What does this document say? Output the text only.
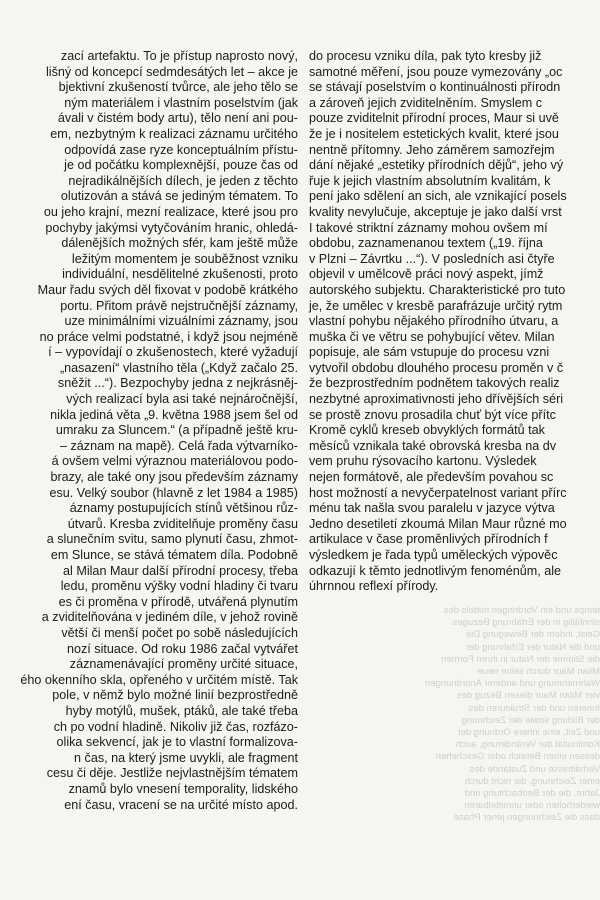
zací artefaktu. To je přístup naprosto nový,
lišný od koncepcí sedmdesátých let – akce je
bjektivní zkušeností tvůrce, ale jeho tělo se
ným materiálem i vlastním poselstvím (jak
ávali v čistém body artu), tělo není ani pou-
em, nezbytným k realizaci záznamu určitého
odpovídá zase ryze konceptuálním přístu-
je od počátku komplexnější, pouze čas od
nejradikálnějších dílech, je jeden z těchto
olutizován a stává se jediným tématem. To
ou jeho krajní, mezní realizace, které jsou pro
pochyby jakýmsi vytyčováním hranic, ohledá-
dálenějších možných sfér, kam ještě může
ležitým momentem je souběžnost vzniku
individuální, nesdělitelné zkušenosti, proto
Maur řadu svých děl fixovat v podobě krátkého
portu. Přitom právě nejstručnější záznamy,
uze minimálními vizuálními záznamy, jsou
no práce velmi podstatné, i když jsou nejméně
í – vypovídají o zkušenostech, které vyžadují
„nasazení“ vlastního těla („Když začalo 25.
sněžit ...“). Bezpochyby jedna z nejkrásněj-
vých realizací byla asi také nejnáročnější,
nikla jediná věta „9. května 1988 jsem šel od
umraku za Sluncem.“ (a případně ještě kru-
– záznam na mapě). Celá řada výtvarníko-
á ovšem velmi výraznou materiálovou podo-
brazy, ale také ony jsou především záznamy
esu. Velký soubor (hlavně z let 1984 a 1985)
áznamy postupujících stínů většinou růz-
útvarů. Kresba zviditelňuje proměny času
a slunečním svitu, samo plynutí času, zhmot-
em Slunce, se stává tématem díla. Podobně
al Milan Maur další přírodní procesy, třeba
ledu, proměnu výšky vodní hladiny či tvaru
es či proměna v přírodě, utvářená plynutím
a zviditelňována v jediném díle, v jehož rovině
větší či menší počet po sobě následujících
nozí situace. Od roku 1986 začal vytvářet
záznamenávající proměny určité situace,
ého okenního skla, opřeného v určitém místě. Tak
pole, v němž bylo možné linií bezprostředně
hyby motýlů, mušek, ptáků, ale také třeba
ch po vodní hladině. Nikoliv již čas, rozfázo-
olika sekvencí, jak je to vlastní formalizova-
n čas, na který jsme uvykli, ale fragment
cesu či děje. Jestliže nejvlastnějším tématem
znamů bylo vnesení temporality, lidského
ení času, vracení se na určité místo apod.
do procesu vzniku díla, pak tyto kresby již
samotné měření, jsou pouze vymezovány „oc
se stávají poselstvím o kontinuálnosti přírodn
a zároveň jejich zviditelněním. Smyslem c
pouze zviditelnit přírodní proces, Maur si uvě
že je i nositelem estetických kvalit, které jsou
nentně přítomny. Jeho záměrem samozřejm
dání nějaké „estetiky přírodních dějů“, jeho vý
řuje k jejich vlastním absolutním kvalitám, k
pení jako sdělení an sich, ale vznikající posels
kvality nevylučuje, akceptuje je jako další vrst
I takové striktní záznamy mohou ovšem mí
obdobu, zaznamenanou textem („19. října
v Plzni – Závrtku ...“). V posledních asi čtyře
objevil v umělcově práci nový aspekt, jímž
autorského subjektu. Charakteristické pro tuto
je, že umělec v kresbě parafrázuje určitý rytm
vlastní pohybu nějakého přírodního útvaru, a
muška či ve větru se pohybující větev. Milan
popisuje, ale sám vstupuje do procesu vzni
vytvořil obdobu dlouhého procesu proměn v č
že bezprostředním podnětem takových realiz
nezbytné aproximativnosti jeho dřívějších séri
se prostě znovu prosadila chuť být více přítc
Kromě cyklů kreseb obvyklých formátů tak
měsíců vznikala také obrovská kresba na dv
vem pruhu rýsovacího kartonu. Výsledek
nejen formátově, ale především povahou sc
host možností a nevyčerpatelnost variant přírc
ménu tak našla svou paralelu v jazyce výtva
Jedno desetiletí zkoumá Milan Maur různé mo
artikulace v čase proměnlivých přírodních f
výsledkem je řada typů uměleckých výpověc
odkazují k těmto jednotlivým fenoménům, ale
úhrnnou reflexí přírody.
temps und ein Vordringen mittels des
sinnfällig in der Erfahrung Bezuges
Geist, indem der Bewegung Die
und die Natur der Erfahrung der
die Stimme der Natur in ihren Formen
Milan Maur durch seine neue
Wahrnehmung und anderer Anordnungen
vier Milan Maur diesen Bezug des
Inneren und der Strukturen des
der Bildung sowie der Zeichnung
und Zeit, eine innere Ordnung der
Kontinuität der Veränderung, auch
dessen einen Bereich oder Geschehen
Verhältnisse und Zustände des
einer Zeichnung, die nicht durch
Jahre, die der Beobachtung und
wiederholten oder unmittelbaren
dass die Zeichnungen jener Phase
